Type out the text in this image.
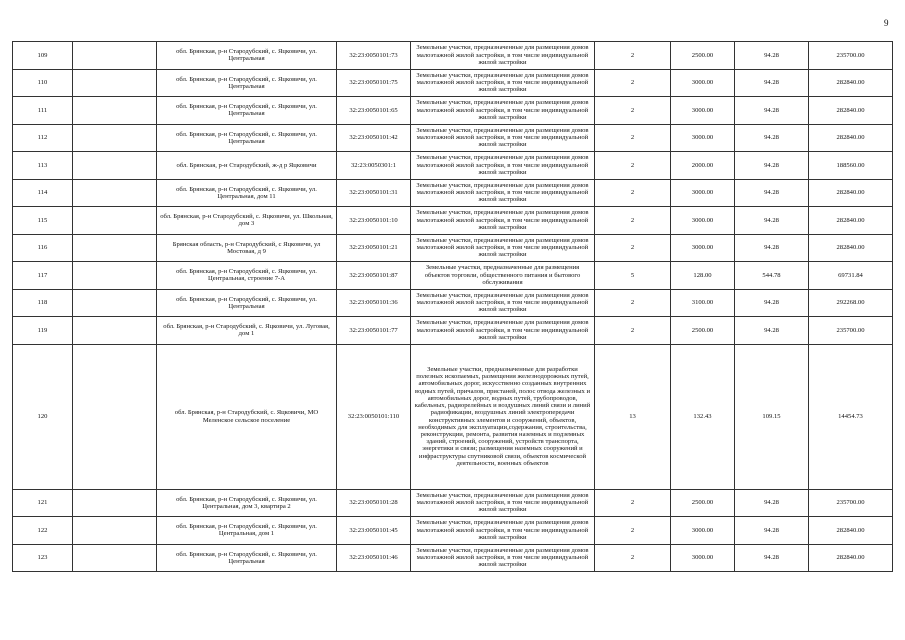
9
109		обл. Брянская, р-н Стародубский, с. Яцковичи, ул. Центральная	32:23:0050101:73	Земельные участки, предназначенные для размещения домов малоэтажной жилой застройки, в том числе индивидуальной жилой застройки	2	2500.00	94.28	235700.00
110		обл. Брянская, р-н Стародубский, с. Яцковичи, ул. Центральная	32:23:0050101:75	Земельные участки, предназначенные для размещения домов малоэтажной жилой застройки, в том числе индивидуальной жилой застройки	2	3000.00	94.28	282840.00
111		обл. Брянская, р-н Стародубский, с. Яцковичи, ул. Центральная	32:23:0050101:65	Земельные участки, предназначенные для размещения домов малоэтажной жилой застройки, в том числе индивидуальной жилой застройки	2	3000.00	94.28	282840.00
112		обл. Брянская, р-н Стародубский, с. Яцковичи, ул. Центральная	32:23:0050101:42	Земельные участки, предназначенные для размещения домов малоэтажной жилой застройки, в том числе индивидуальной жилой застройки	2	3000.00	94.28	282840.00
113		обл. Брянская, р-н Стародубский, ж-д р Яцковичи	32:23:0050301:1	Земельные участки, предназначенные для размещения домов малоэтажной жилой застройки, в том числе индивидуальной жилой застройки	2	2000.00	94.28	188560.00
114		обл. Брянская, р-н Стародубский, с. Яцковичи, ул. Центральная, дом 11	32:23:0050101:31	Земельные участки, предназначенные для размещения домов малоэтажной жилой застройки, в том числе индивидуальной жилой застройки	2	3000.00	94.28	282840.00
115		обл. Брянская, р-н Стародубский, с. Яцковичи, ул. Школьная, дом 3	32:23:0050101:10	Земельные участки, предназначенные для размещения домов малоэтажной жилой застройки, в том числе индивидуальной жилой застройки	2	3000.00	94.28	282840.00
116		Брянская область, р-н Стародубский, с Яцковичи, ул Мостовая, д 9	32:23:0050101:21	Земельные участки, предназначенные для размещения домов малоэтажной жилой застройки, в том числе индивидуальной жилой застройки	2	3000.00	94.28	282840.00
117		обл. Брянская, р-н Стародубский, с. Яцковичи, ул. Центральная, строение 7-А	32:23:0050101:87	Земельные участки, предназначенные для размещения объектов торговли, общественного питания и бытового обслуживания	5	128.00	544.78	69731.84
118		обл. Брянская, р-н Стародубский, с. Яцковичи, ул. Центральная	32:23:0050101:36	Земельные участки, предназначенные для размещения домов малоэтажной жилой застройки, в том числе индивидуальной жилой застройки	2	3100.00	94.28	292268.00
119		обл. Брянская, р-н Стародубский, с. Яцковичи, ул. Луговая, дом 1	32:23:0050101:77	Земельные участки, предназначенные для размещения домов малоэтажной жилой застройки, в том числе индивидуальной жилой застройки	2	2500.00	94.28	235700.00
120		обл. Брянская, р-н Стародубский, с. Яцковичи, МО Меленское сельское поселение	32:23:0050101:110	Земельные участки, предназначенные для разработки полезных ископаемых, размещения железнодорожных путей, автомобильных дорог, искусственно созданных внутренних водных путей, причалов, пристаней, полос отвода железных и автомобильных дорог, водных путей, трубопроводов, кабельных, радиорелейных и воздушных линий связи и линий радиофикации, воздушных линий электропередачи конструктивных элементов и сооружений, объектов, необходимых для эксплуатации,содержания, строительства, реконструкции, ремонта, развития наземных и подземных зданий, строений, сооружений, устройств транспорта, энергетики и связи; размещения наземных сооружений и инфраструктуры спутниковой связи, объектов космической деятельности, военных объектов	13	132.43	109.15	14454.73
121		обл. Брянская, р-н Стародубский, с. Яцковичи, ул. Центральная, дом 3, квартира 2	32:23:0050101:28	Земельные участки, предназначенные для размещения домов малоэтажной жилой застройки, в том числе индивидуальной жилой застройки	2	2500.00	94.28	235700.00
122		обл. Брянская, р-н Стародубский, с. Яцковичи, ул. Центральная, дом 1	32:23:0050101:45	Земельные участки, предназначенные для размещения домов малоэтажной жилой застройки, в том числе индивидуальной жилой застройки	2	3000.00	94.28	282840.00
123		обл. Брянская, р-н Стародубский, с. Яцковичи, ул. Центральная	32:23:0050101:46	Земельные участки, предназначенные для размещения домов малоэтажной жилой застройки, в том числе индивидуальной жилой застройки	2	3000.00	94.28	282840.00
